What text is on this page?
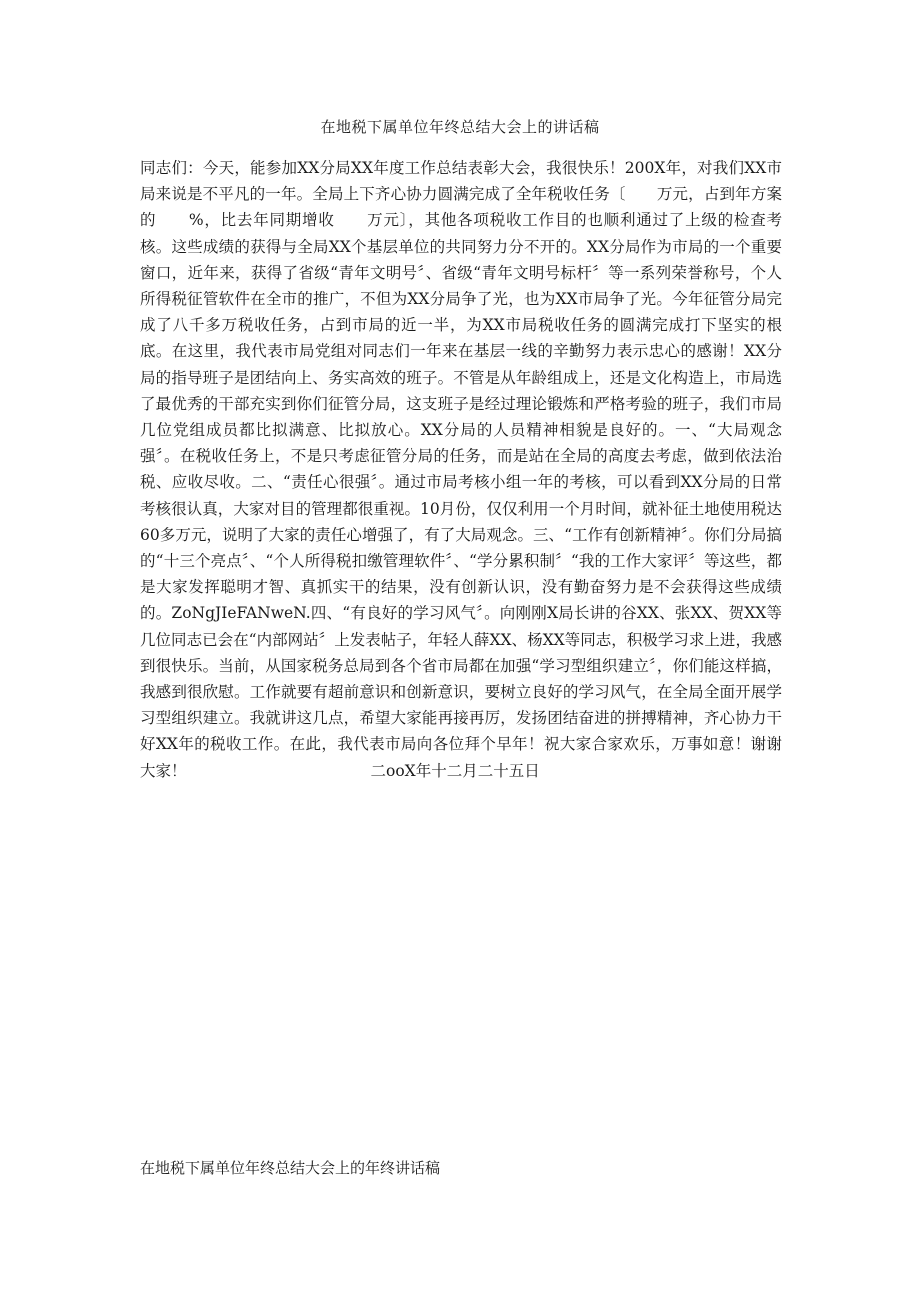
在地税下属单位年终总结大会上的讲话稿

同志们：今天，能参加XX分局XX年度工作总结表彰大会，我很快乐！200X年，对我们XX市局来说是不平凡的一年。全局上下齐心协力圆满完成了全年税收任务〔　　万元，占到年方案的　　%，比去年同期增收　　万元〕，其他各项税收工作目的也顺利通过了上级的检查考核。这些成绩的获得与全局XX个基层单位的共同努力分不开的。XX分局作为市局的一个重要窗口，近年来，获得了省级“青年文明号〞、省级“青年文明号标杆〞等一系列荣誉称号，个人所得税征管软件在全市的推广，不但为XX分局争了光，也为XX市局争了光。今年征管分局完成了八千多万税收任务，占到市局的近一半，为XX市局税收任务的圆满完成打下坚实的根底。在这里，我代表市局党组对同志们一年来在基层一线的辛勤努力表示忠心的感谢！XX分局的指导班子是团结向上、务实高效的班子。不管是从年龄组成上，还是文化构造上，市局选了最优秀的干部充实到你们征管分局，这支班子是经过理论锻炼和严格考验的班子，我们市局几位党组成员都比拟满意、比拟放心。XX分局的人员精神相貌是良好的。一、“大局观念强〞。在税收任务上，不是只考虑征管分局的任务，而是站在全局的高度去考虑，做到依法治税、应收尽收。二、“责任心很强〞。通过市局考核小组一年的考核，可以看到XX分局的日常考核很认真，大家对目的管理都很重视。10月份，仅仅利用一个月时间，就补征土地使用税达60多万元，说明了大家的责任心增强了，有了大局观念。三、“工作有创新精神〞。你们分局搞的“十三个亮点〞、“个人所得税扣缴管理软件〞、“学分累积制〞“我的工作大家评〞等这些，都是大家发挥聪明才智、真抓实干的结果，没有创新认识，没有勤奋努力是不会获得这些成绩的。ZoNgJIeFANweN.四、“有良好的学习风气〞。向刚刚X局长讲的谷XX、张XX、贺XX等几位同志已会在“内部网站〞上发表帖子，年轻人薛XX、杨XX等同志，积极学习求上进，我感到很快乐。当前，从国家税务总局到各个省市局都在加强“学习型组织建立〞，你们能这样搞，我感到很欣慰。工作就要有超前意识和创新意识，要树立良好的学习风气，在全局全面开展学习型组织建立。我就讲这几点，希望大家能再接再厉，发扬团结奋进的拼搏精神，齐心协力干好XX年的税收工作。在此，我代表市局向各位拜个早年！祝大家合家欢乐，万事如意！谢谢大家！	二ooX年十二月二十五日

在地税下属单位年终总结大会上的年终讲话稿
